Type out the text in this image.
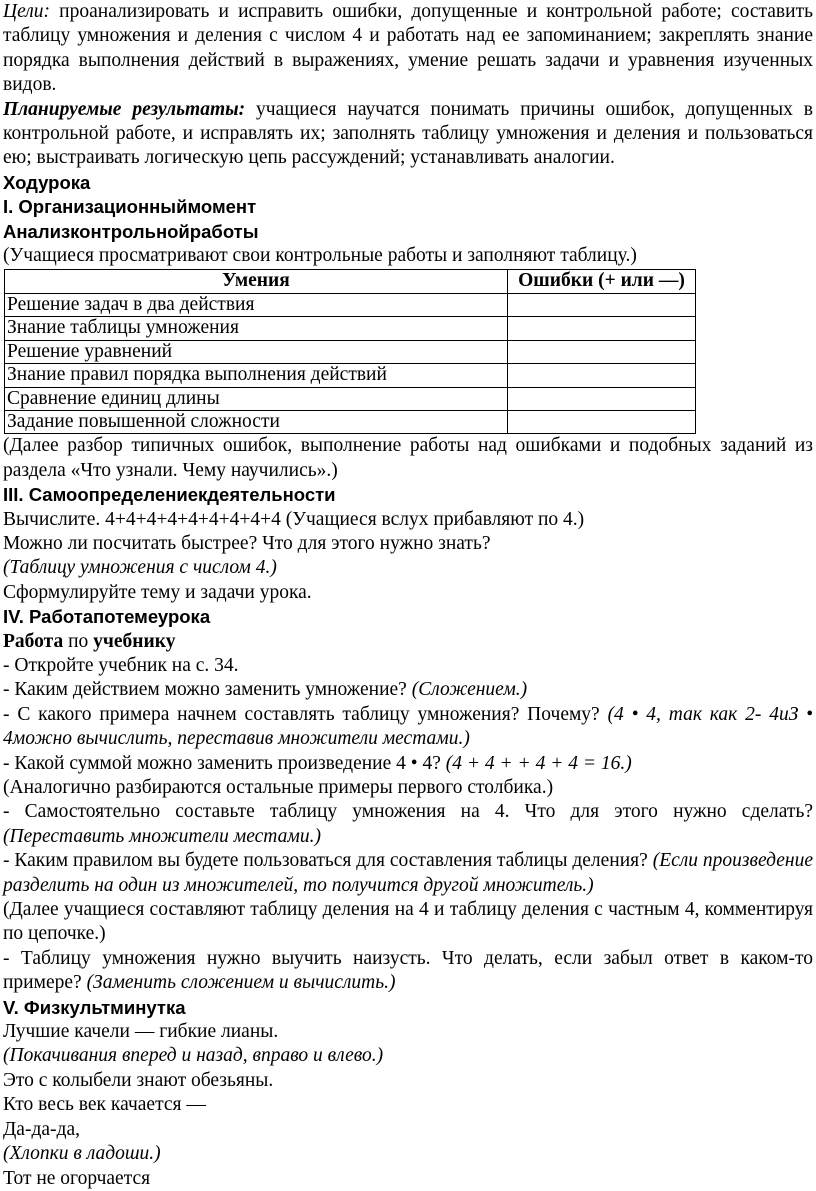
Цели: проанализировать и исправить ошибки, допущенные и контрольной работе; составить таблицу умножения и деления с числом 4 и работать над ее запоминанием; закреплять знание порядка выполнения действий в выражениях, умение решать задачи и уравнения изученных видов.

Планируемые результаты: учащиеся научатся понимать причины ошибок, допущенных в контрольной работе, и исправлять их; заполнять таблицу умножения и деления и пользоваться ею; выстраивать логическую цепь рассуждений; устанавливать аналогии.

Ходурока

I. Организационныймомент

Анализконтрольнойработы

(Учащиеся просматривают свои контрольные работы и заполняют таблицу.)

Умения	Ошибки (+ или —)
Решение задач в два действия	
Знание таблицы умножения	
Решение уравнений	
Знание правил порядка выполнения действий	
Сравнение единиц длины	
Задание повышенной сложности	

(Далее разбор типичных ошибок, выполнение работы над ошибками и подобных заданий из раздела «Что узнали. Чему научились».)

III. Самоопределениекдеятельности

Вычислите. 4+4+4+4+4+4+4+4+4 (Учащиеся вслух прибавляют по 4.)

Можно ли посчитать быстрее? Что для этого нужно знать?

(Таблицу умножения с числом 4.)

Сформулируйте тему и задачи урока.

IV. Работапотемеурока

Работа по учебнику

- Откройте учебник на с. 34.

- Каким действием можно заменить умножение? (Сложением.)

- С какого примера начнем составлять таблицу умножения? Почему? (4 • 4, так как 2- 4иЗ • 4можно вычислить, переставив множители местами.)

- Какой суммой можно заменить произведение 4 • 4? (4 + 4 + + 4 + 4 = 16.)

(Аналогично разбираются остальные примеры первого столбика.)

- Самостоятельно составьте таблицу умножения на 4. Что для этого нужно сделать? (Переставить множители местами.)

- Каким правилом вы будете пользоваться для составления таблицы деления? (Если произведение разделить на один из множителей, то получится другой множитель.)

(Далее учащиеся составляют таблицу деления на 4 и таблицу деления с частным 4, комментируя по цепочке.)

- Таблицу умножения нужно выучить наизусть. Что делать, если забыл ответ в каком-то примере? (Заменить сложением и вычислить.)

V. Физкультминутка

Лучшие качели — гибкие лианы.

(Покачивания вперед и назад, вправо и влево.)

Это с колыбели знают обезьяны.

Кто весь век качается —

Да-да-да,

(Хлопки в ладоши.)

Тот не огорчается
